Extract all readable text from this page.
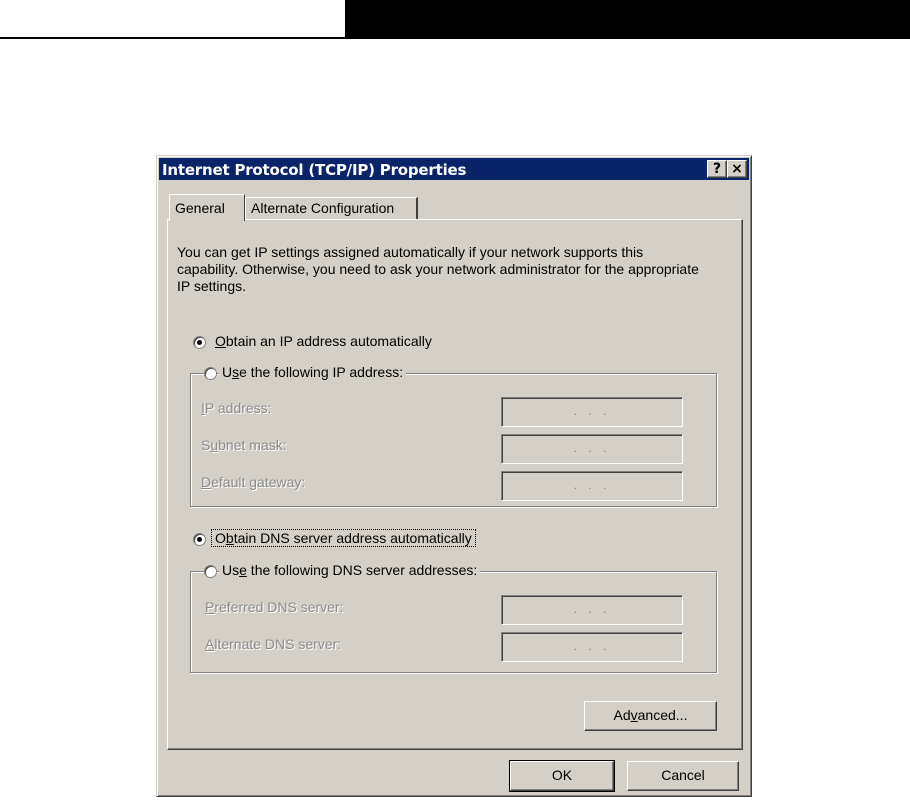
Internet Protocol (TCP/IP) Properties	? ×
General	Alternate Configuration
You can get IP settings assigned automatically if your network supports this capability. Otherwise, you need to ask your network administrator for the appropriate IP settings.
Obtain an IP address automatically
IP address:	. . .
Subnet mask:	. . .
Default gateway:	. . .
Use the following IP address:
Obtain DNS server address automatically
Preferred DNS server:	. . .
Alternate DNS server:	. . .
Use the following DNS server addresses:
Advanced...
OK	Cancel
